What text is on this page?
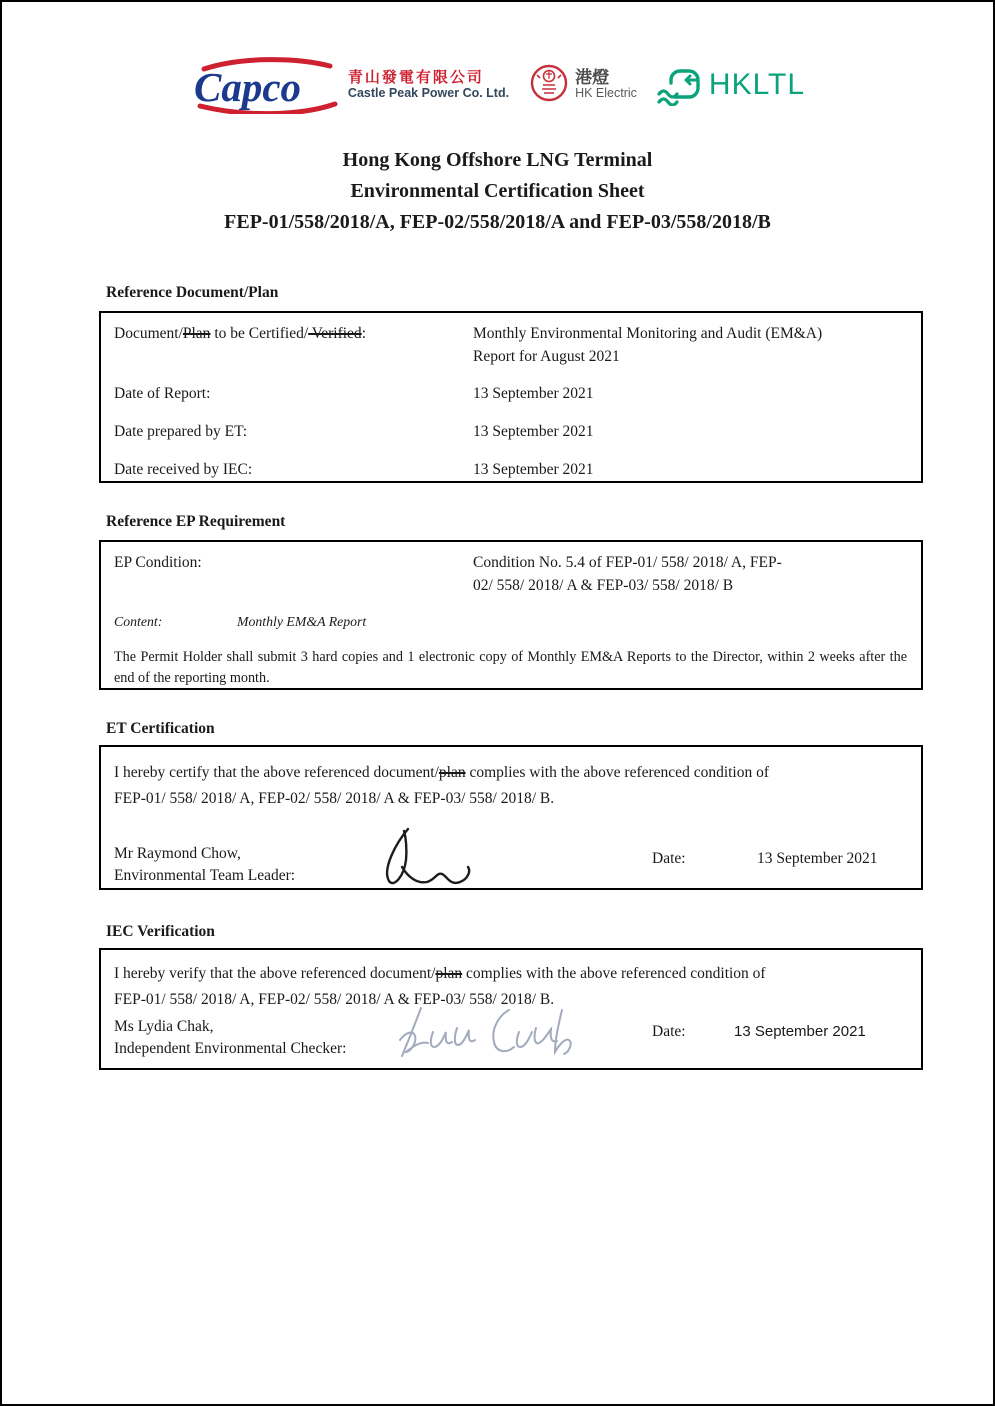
Capco	青山發電有限公司
Castle Peak Power Co. Ltd.
港燈
HK Electric HKLTL
Hong Kong Offshore LNG Terminal
Environmental Certification Sheet
FEP-01/558/2018/A, FEP-02/558/2018/A and FEP-03/558/2018/B
Reference Document/Plan
Document/Plan to be Certified/ Verified:	Monthly Environmental Monitoring and Audit (EM&A)
Report for August 2021
Date of Report:	13 September 2021
Date prepared by ET:	13 September 2021
Date received by IEC:	13 September 2021
Reference EP Requirement
EP Condition:	Condition No. 5.4 of FEP-01/ 558/ 2018/ A, FEP-
02/ 558/ 2018/ A & FEP-03/ 558/ 2018/ B
Content:	Monthly EM&A Report
The Permit Holder shall submit 3 hard copies and 1 electronic copy of Monthly EM&A Reports to the Director, within 2 weeks after the end of the reporting month.
ET Certification
I hereby certify that the above referenced document/plan complies with the above referenced condition of
FEP-01/ 558/ 2018/ A, FEP-02/ 558/ 2018/ A & FEP-03/ 558/ 2018/ B.
Mr Raymond Chow,
Environmental Team Leader:
Date:	13 September 2021
IEC Verification
I hereby verify that the above referenced document/plan complies with the above referenced condition of
FEP-01/ 558/ 2018/ A, FEP-02/ 558/ 2018/ A & FEP-03/ 558/ 2018/ B.
Ms Lydia Chak,
Independent Environmental Checker:
Date:	13 September 2021
